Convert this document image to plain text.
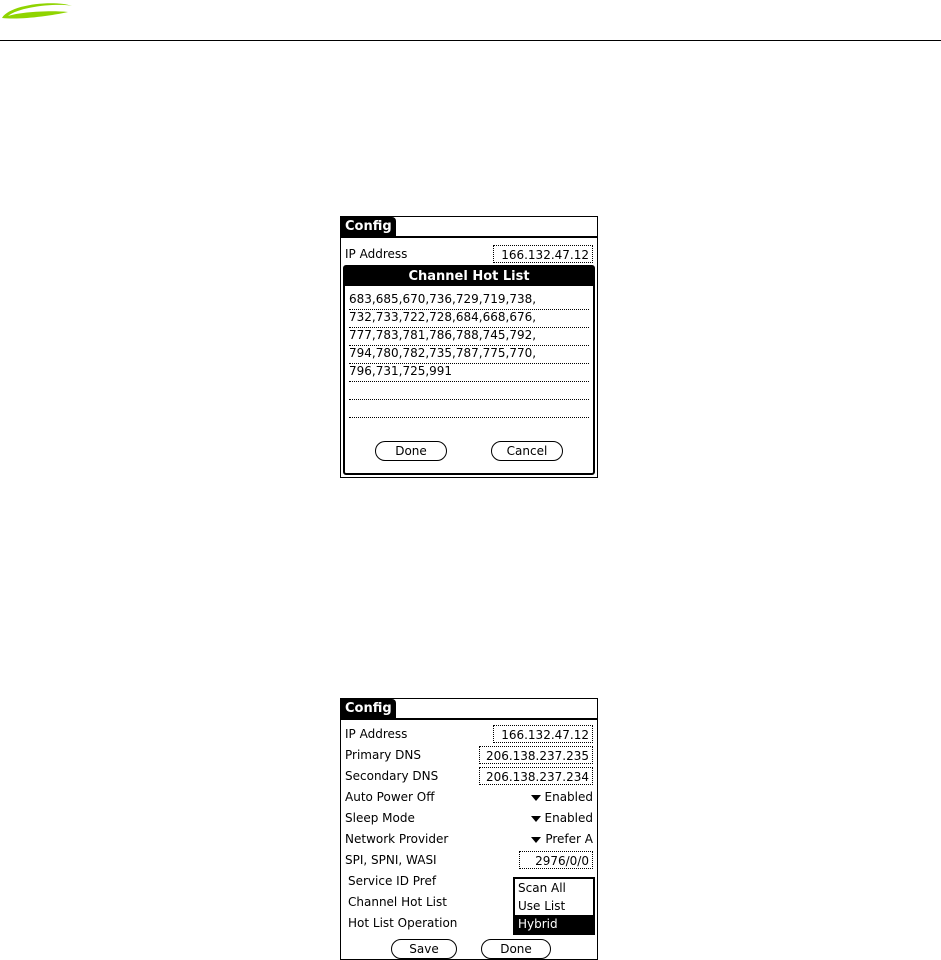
Config
IP Address	166.132.47.12
Channel Hot List
683,685,670,736,729,719,738,
732,733,722,728,684,668,676,
777,783,781,786,788,745,792,
794,780,782,735,787,775,770,
796,731,725,991
Done	Cancel
Config
IP Address	166.132.47.12
Primary DNS	206.138.237.235
Secondary DNS	206.138.237.234
Auto Power Off	Enabled
Sleep Mode	Enabled
Network Provider	Prefer A
SPI, SPNI, WASI	2976/0/0
Service ID Pref
Channel Hot List
Hot List Operation
Scan All
Use List
Hybrid
Save	Done
